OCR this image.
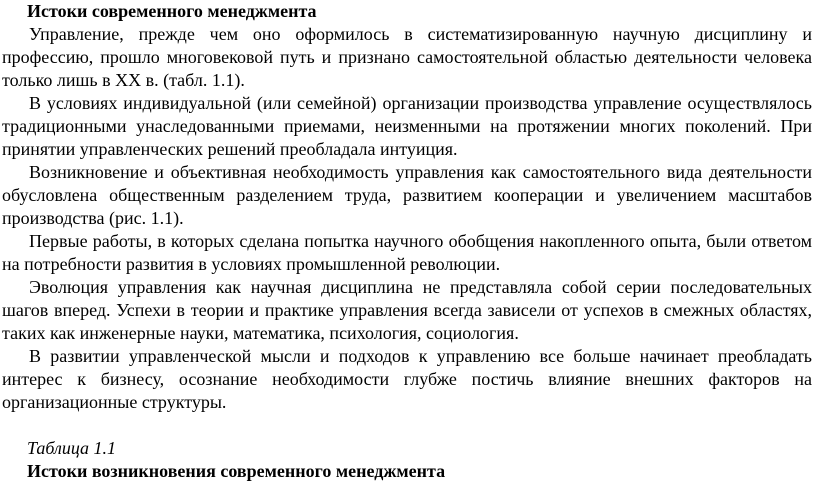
Истоки современного менеджмента

Управление, прежде чем оно оформилось в систематизированную научную дисциплину и профессию, прошло многовековой путь и признано самостоятельной областью деятельности человека только лишь в XX в. (табл. 1.1).

В условиях индивидуальной (или семейной) организации производства управление осуществлялось традиционными унаследованными приемами, неизменными на протяжении многих поколений. При принятии управленческих решений преобладала интуиция.

Возникновение и объективная необходимость управления как самостоятельного вида деятельности обусловлена общественным разделением труда, развитием кооперации и увеличением масштабов производства (рис. 1.1).

Первые работы, в которых сделана попытка научного обобщения накопленного опыта, были ответом на потребности развития в условиях промышленной революции.

Эволюция управления как научная дисциплина не представляла собой серии последовательных шагов вперед. Успехи в теории и практике управления всегда зависели от успехов в смежных областях, таких как инженерные науки, математика, психология, социология.

В развитии управленческой мысли и подходов к управлению все больше начинает преобладать интерес к бизнесу, осознание необходимости глубже постичь влияние внешних факторов на организационные структуры.

Таблица 1.1
Истоки возникновения современного менеджмента
